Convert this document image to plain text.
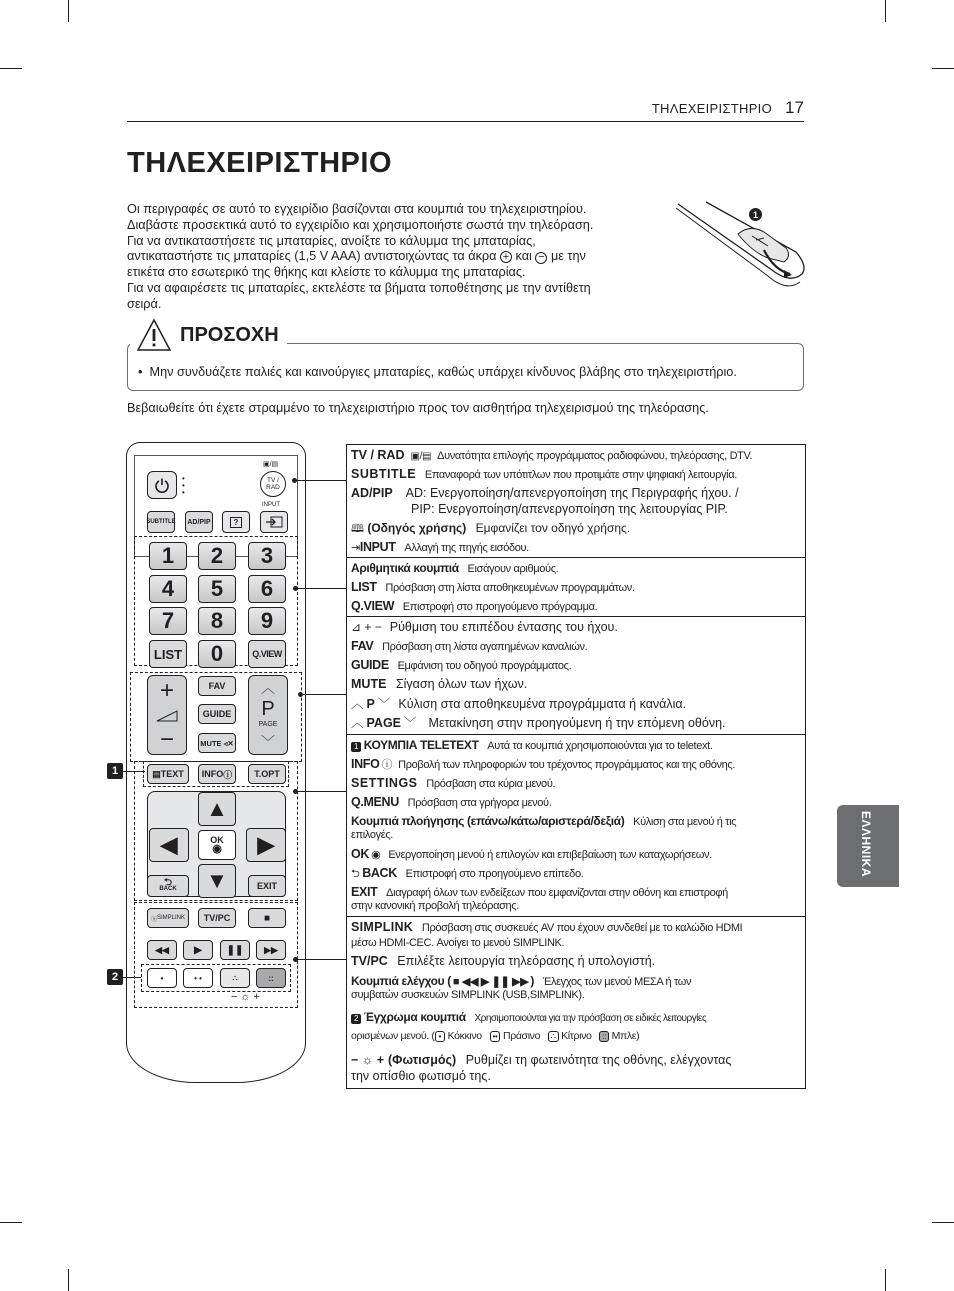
ΤΗΛΕΧΕΙΡΙΣΤΗΡΙΟ 17
ΤΗΛΕΧΕΙΡΙΣΤΗΡΙΟ

Οι περιγραφές σε αυτό το εγχειρίδιο βασίζονται στα κουμπιά του τηλεχειριστηρίου.

Διαβάστε προσεκτικά αυτό το εγχειρίδιο και χρησιμοποιήστε σωστά την τηλεόραση.

Για να αντικαταστήσετε τις μπαταρίες, ανοίξτε το κάλυμμα της μπαταρίας,

αντικαταστήστε τις μπαταρίες (1,5 V AAA) αντιστοιχώντας τα άκρα + και − με την

ετικέτα στο εσωτερικό της θήκης και κλείστε το κάλυμμα της μπαταρίας.

Για να αφαιρέσετε τις μπαταρίες, εκτελέστε τα βήματα τοποθέτησης με την αντίθετη

σειρά.

1
ΠΡΟΣΟΧΗ
•  Μην συνδυάζετε παλιές και καινούργιες μπαταρίες, καθώς υπάρχει κίνδυνος βλάβης στο τηλεχειριστήριο.
Βεβαιωθείτε ότι έχετε στραμμένο το τηλεχειριστήριο προς τον αισθητήρα τηλεχειρισμού της τηλεόρασης.
•
•
•
▣/▤
TV / RAD
SUBTITLE	AD/PIP	?
INPUT
1	2	3
4	5	6
7	8	9
LIST	0	Q.VIEW
+
−
FAV
GUIDE
MUTE
◃✕
︿
P
PAGE
﹀
▤ TEXT INFO ⓘ	T.OPT
▲
◀	OK
◉	▶
▼
⮌
BACK	EXIT
Ⓢ SIMPLINK	TV/PC	■
◀◀	▶ ❚❚ ▶▶
•	• •	∴	::
−☼+
1
2
TV / RAD ▣/▤ Δυνατότητα επιλογής προγράμματος ραδιοφώνου, τηλεόρασης, DTV.
SUBTITLE Επαναφορά των υπότιτλων που προτιμάτε στην ψηφιακή λειτουργία.
AD/PIP AD: Ενεργοποίηση/απενεργοποίηση της Περιγραφής ήχου. /
PIP: Ενεργοποίηση/απενεργοποίηση της λειτουργίας PIP.
🕮 (Οδηγός χρήσης) Εμφανίζει τον οδηγό χρήσης.
⇥INPUT Αλλαγή της πηγής εισόδου.
Αριθμητικά κουμπιά Εισάγουν αριθμούς.
LIST Πρόσβαση στη λίστα αποθηκευμένων προγραμμάτων.
Q.VIEW Επιστροφή στο προηγούμενο πρόγραμμα.
⊿ + − Ρύθμιση του επιπέδου έντασης του ήχου.
FAV Πρόσβαση στη λίστα αγαπημένων καναλιών.
GUIDE Εμφάνιση του οδηγού προγράμματος.
MUTE Σίγαση όλων των ήχων.
︿ P ﹀ Κύλιση στα αποθηκευμένα προγράμματα ή κανάλια.
︿ PAGE ﹀ Μετακίνηση στην προηγούμενη ή την επόμενη οθόνη.
1 ΚΟΥΜΠΙΑ TELETEXT Αυτά τα κουμπιά χρησιμοποιούνται για το teletext.
INFO ⓘ Προβολή των πληροφοριών του τρέχοντος προγράμματος και της οθόνης.
SETTINGS Πρόσβαση στα κύρια μενού.
Q.MENU Πρόσβαση στα γρήγορα μενού.
Κουμπιά πλοήγησης (επάνω/κάτω/αριστερά/δεξιά) Κύλιση στα μενού ή τις
επιλογές.
OK ◉ Ενεργοποίηση μενού ή επιλογών και επιβεβαίωση των καταχωρήσεων.
⮌ BACK Επιστροφή στο προηγούμενο επίπεδο.
EXIT Διαγραφή όλων των ενδείξεων που εμφανίζονται στην οθόνη και επιστροφή
στην κανονική προβολή τηλεόρασης.
SIMPLINK Πρόσβαση στις συσκευές AV που έχουν συνδεθεί με το καλώδιο HDMI
μέσω HDMI-CEC. Ανοίγει το μενού SIMPLINK.
TV/PC Επιλέξτε λειτουργία τηλεόρασης ή υπολογιστή.
Κουμπιά ελέγχου ( ■ ◀◀ ▶ ❚❚ ▶▶ ) Έλεγχος των μενού ΜΕΣΑ ή των
συμβατών συσκευών SIMPLINK (USB,SIMPLINK).
2 Έγχρωμα κουμπιά Χρησιμοποιούνται για την πρόσβαση σε ειδικές λειτουργίες
ορισμένων μενού. ( • Κόκκινο •• Πράσινο ∴ Κίτρινο :: Μπλε)
− ☼ + (Φωτισμός) Ρυθμίζει τη φωτεινότητα της οθόνης, ελέγχοντας
την οπίσθιο φωτισμό της.
ΕΛΛΗΝΙΚΑ
